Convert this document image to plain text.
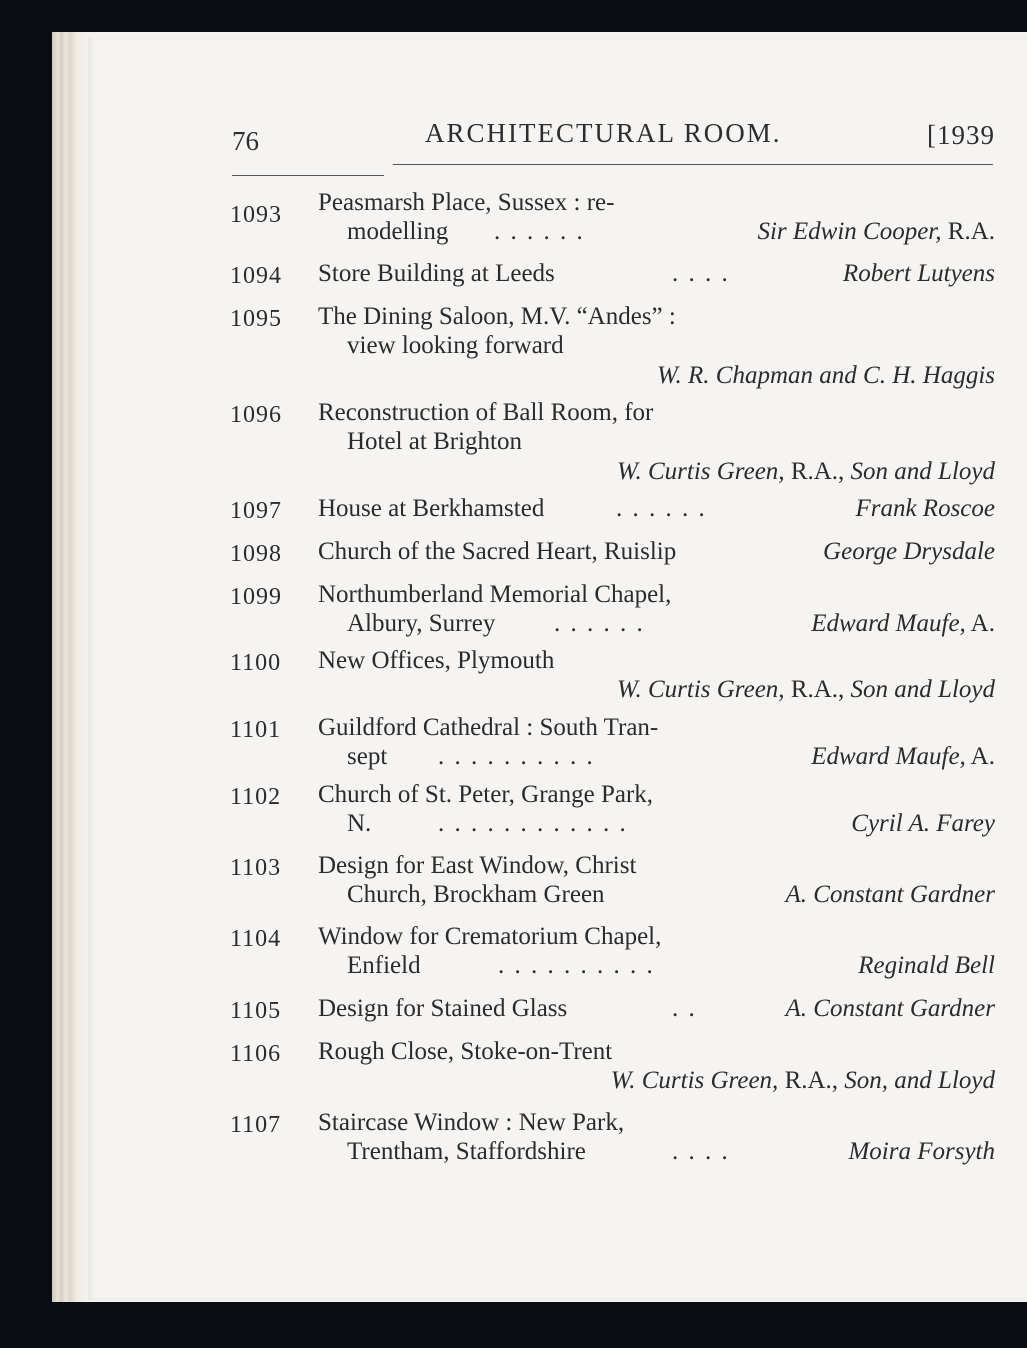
76	ARCHITECTURAL ROOM.	[1939
1093 Peasmarsh Place, Sussex : re-
modelling . . . . . .	Sir Edwin Cooper, R.A.
1094 Store Building at Leeds	. . . .	Robert Lutyens
1095 The Dining Saloon, M.V. “Andes” :
view looking forward
W. R. Chapman and C. H. Haggis
1096 Reconstruction of Ball Room, for
Hotel at Brighton
W. Curtis Green, R.A., Son and Lloyd
1097 House at Berkhamsted	. . . . . .	Frank Roscoe
1098 Church of the Sacred Heart, Ruislip	George Drysdale
1099 Northumberland Memorial Chapel,
Albury, Surrey . . . . . .	Edward Maufe, A.
1100 New Offices, Plymouth
W. Curtis Green, R.A., Son and Lloyd
1101 Guildford Cathedral : South Tran-
sept . . . . . . . . . .	Edward Maufe, A.
1102 Church of St. Peter, Grange Park,
N.	. . . . . . . . . . . .	Cyril A. Farey
1103 Design for East Window, Christ
Church, Brockham Green	A. Constant Gardner
1104 Window for Crematorium Chapel,
Enfield	. . . . . . . . . .	Reginald Bell
1105 Design for Stained Glass	. .	A. Constant Gardner
1106 Rough Close, Stoke-on-Trent
W. Curtis Green, R.A., Son, and Lloyd
1107 Staircase Window : New Park,
Trentham, Staffordshire	. . . .	Moira Forsyth
